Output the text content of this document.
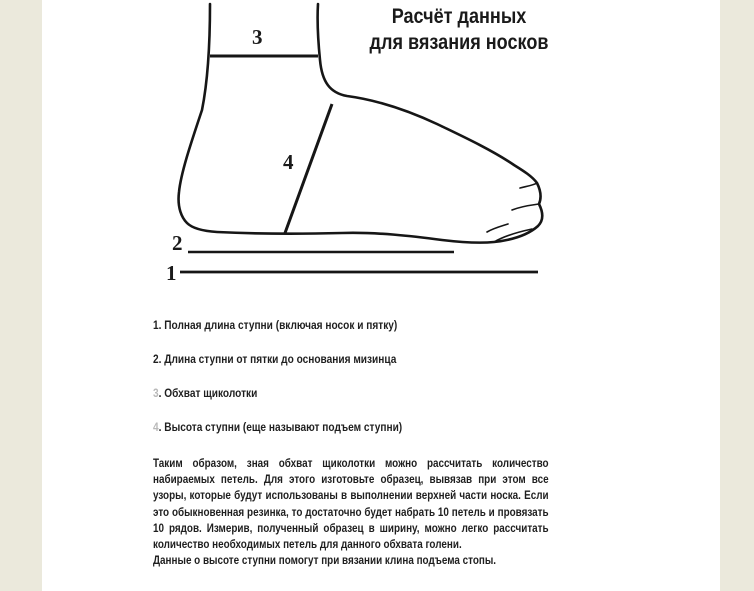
Расчёт данных
для вязания носков
3
4
2
1
1. Полная длина ступни (включая носок и пятку)
2. Длина ступни от пятки до основания мизинца
3. Обхват щиколотки
4. Высота ступни (еще называют подъем ступни)

Таким образом, зная обхват щиколотки можно рассчитать количество набираемых петель. Для этого изготовьте образец, вывязав при этом все узоры, которые будут использованы в выполнении верхней части носка. Если это обыкновенная резинка, то достаточно будет набрать 10 петель и провязать 10 рядов. Измерив, полученный образец в ширину, можно легко рассчитать количество необходимых петель для данного обхвата голени.

Данные о высоте ступни помогут при вязании клина подъема стопы.
